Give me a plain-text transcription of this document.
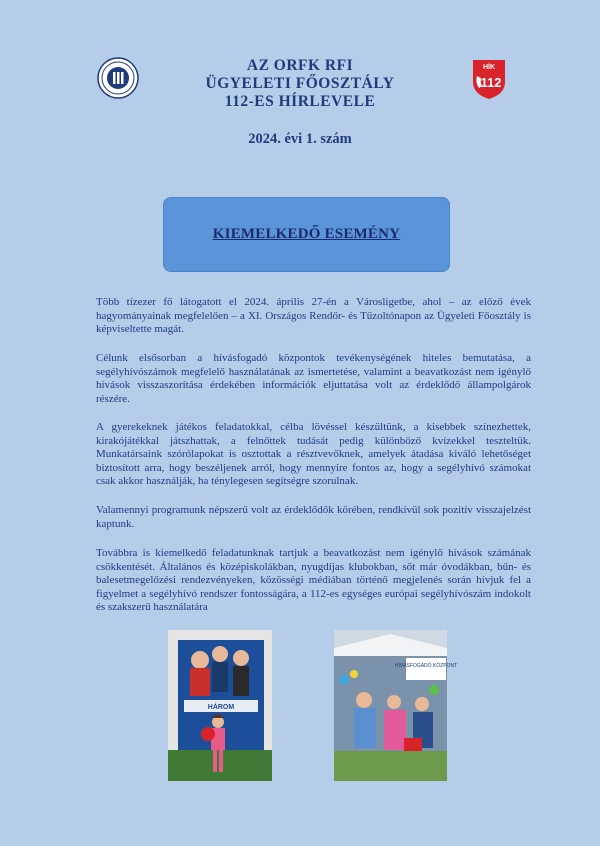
HÍK
112
AZ ORFK RFI
ÜGYELETI FŐOSZTÁLY
112-ES HÍRLEVELE
2024. évi 1. szám
KIEMELKEDŐ ESEMÉNY

Több tízezer fő látogatott el 2024. április 27-én a Városligetbe, ahol – az előző évek hagyományainak megfelelően – a XI. Országos Rendőr- és Tűzoltónapon az Ügyeleti Főosztály is képviseltette magát.

Célunk elsősorban a hívásfogadó központok tevékenységének hiteles bemutatása, a segélyhívószámok megfelelő használatának az ismertetése, valamint a beavatkozást nem igénylő hívások visszaszorítása érdekében információk eljuttatása volt az érdeklődő állampolgárok részére.

A gyerekeknek játékos feladatokkal, célba lövéssel készültünk, a kisebbek színezhettek, kirakójátékkal játszhattak, a felnőttek tudását pedig különböző kvízekkel teszteltük. Munkatársaink szórólapokat is osztottak a résztvevőknek, amelyek átadása kiváló lehetőséget biztosított arra, hogy beszéljenek arról, hogy mennyire fontos az, hogy a segélyhívó számokat csak akkor használják, ha ténylegesen segítségre szorulnak.

Valamennyi programunk népszerű volt az érdeklődők körében, rendkívül sok pozitív visszajelzést kaptunk.

Továbbra is kiemelkedő feladatunknak tartjuk a beavatkozást nem igénylő hívások számának csökkentését. Általános és középiskolákban, nyugdíjas klubokban, sőt már óvodákban, bűn- és balesetmegelőzési rendezvényeken, közösségi médiában történő megjelenés során hívjuk fel a figyelmet a segélyhívó rendszer fontosságára, a 112-es egységes európai segélyhívószám indokolt és szakszerű használatára

HÁROM
HÍVÁSFOGADÓ KÖZPONT
